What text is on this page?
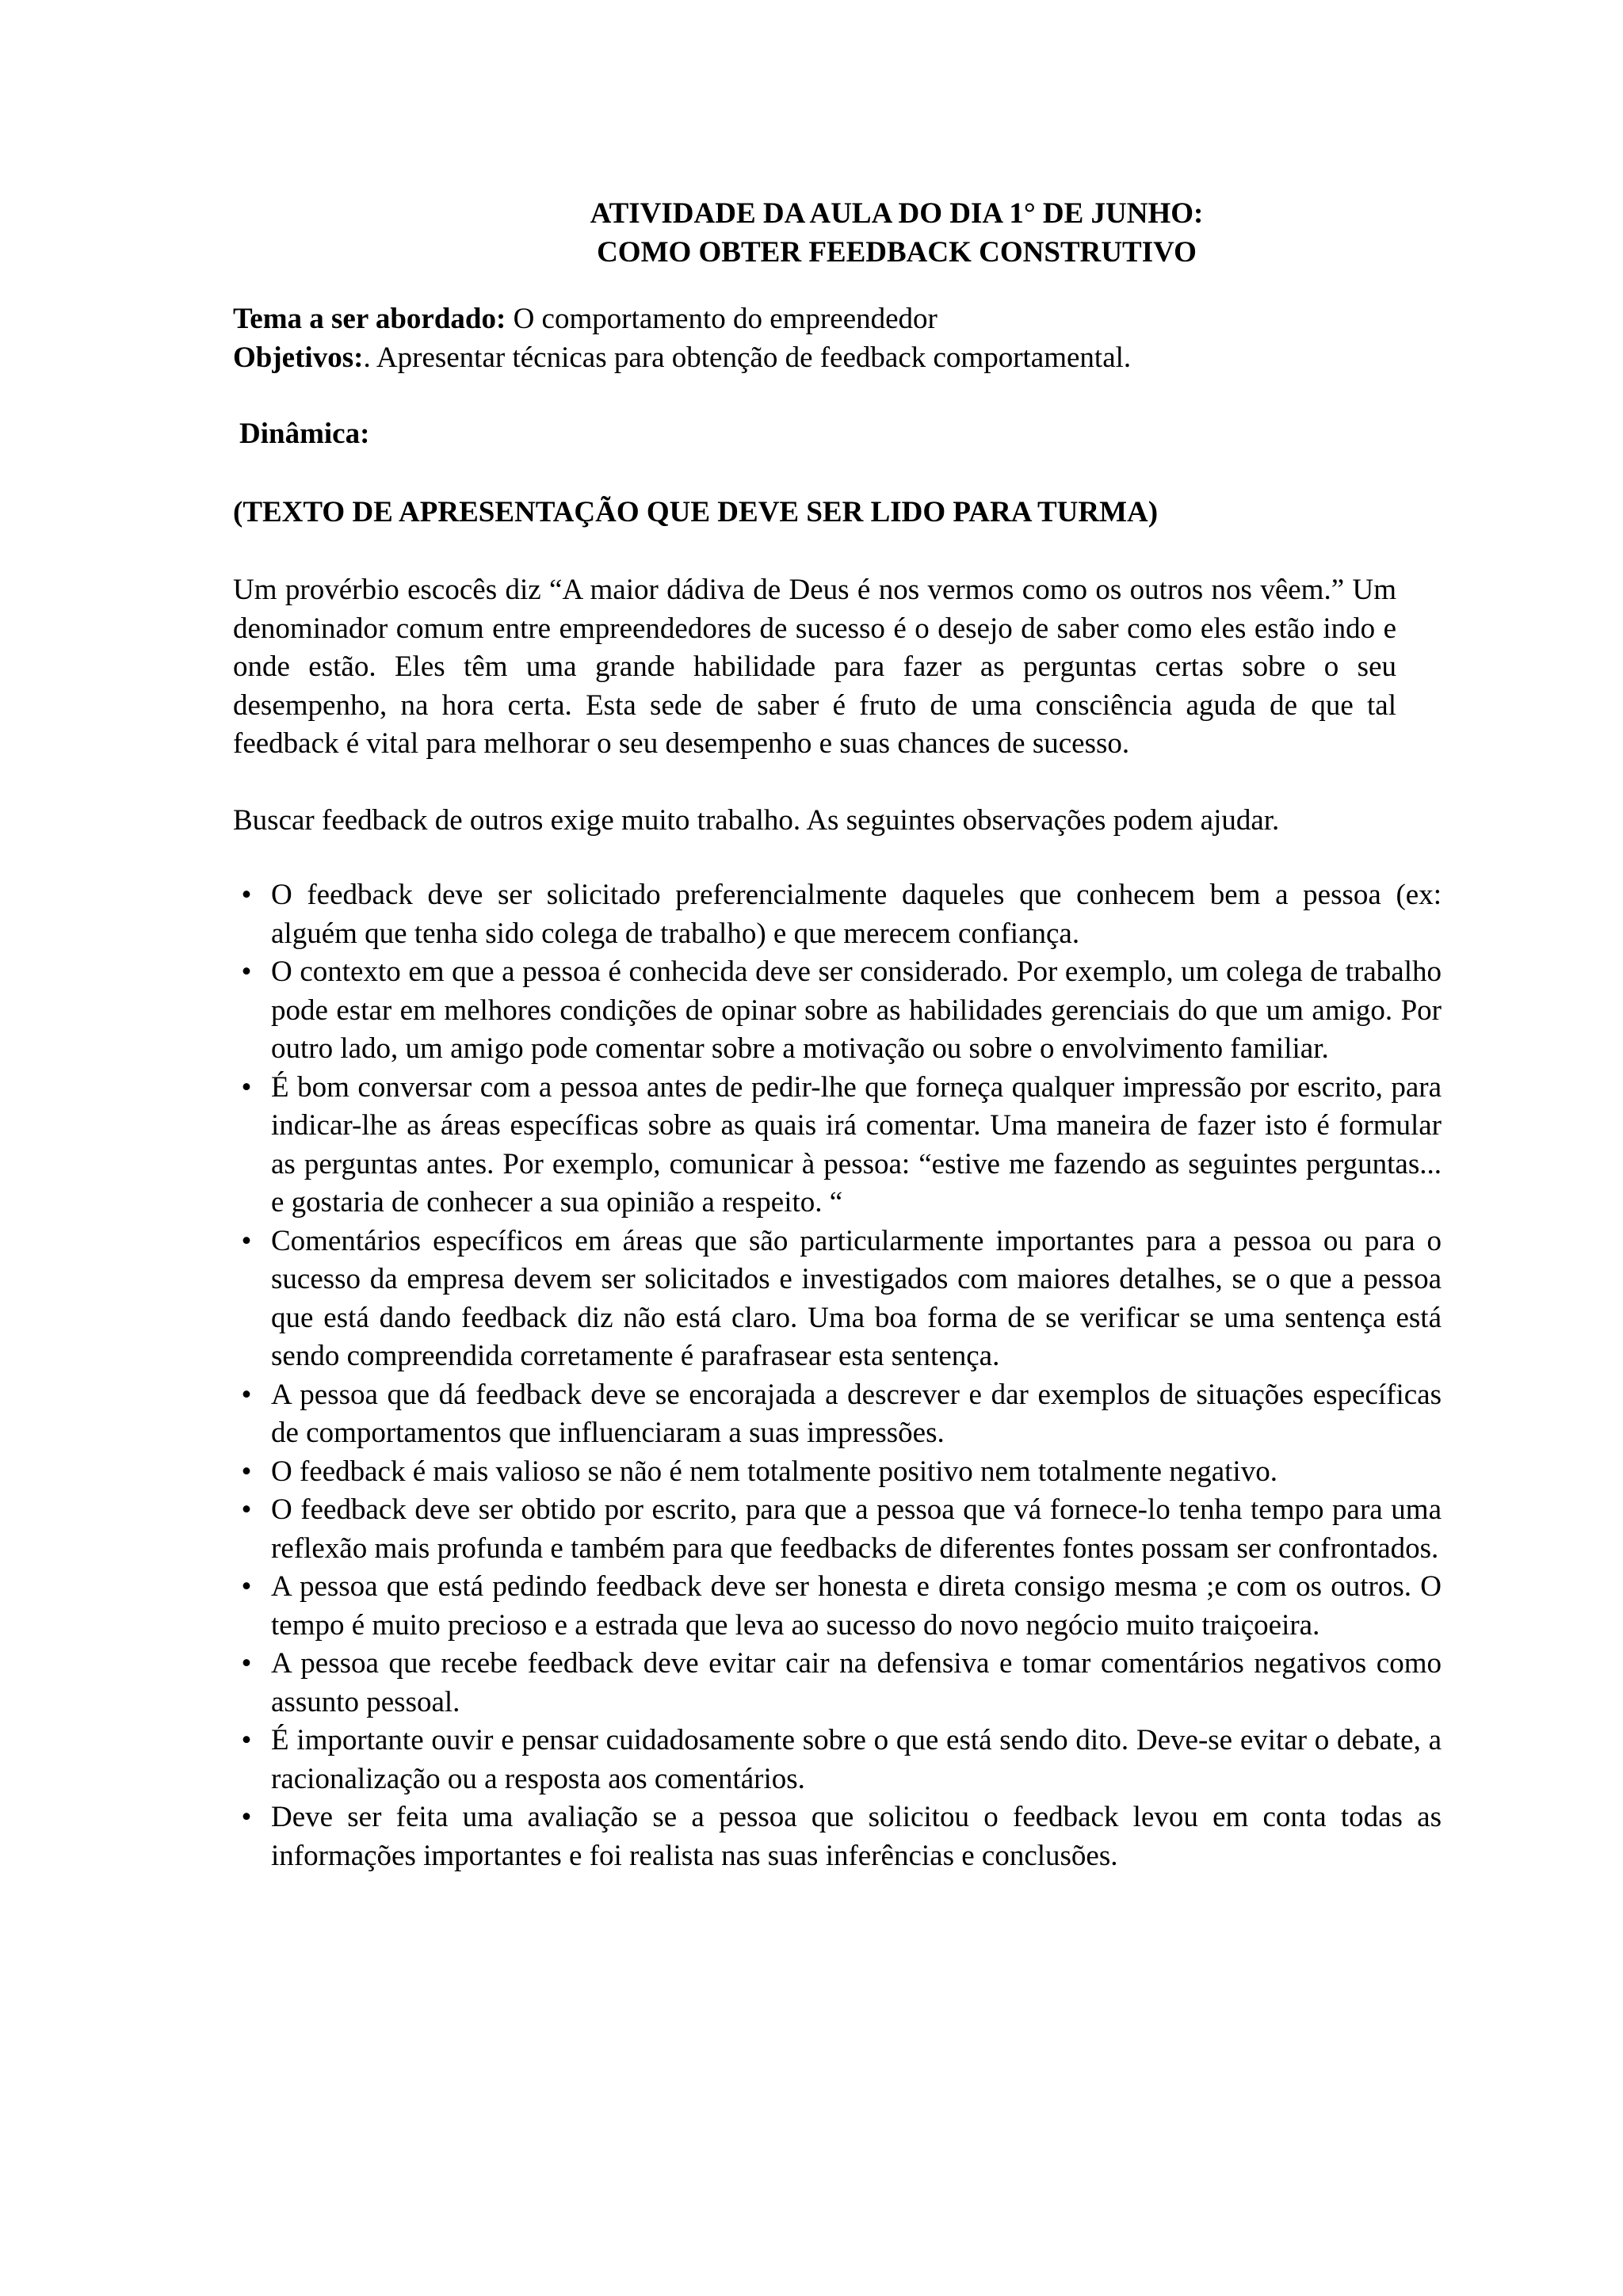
ATIVIDADE DA AULA DO DIA 1° DE JUNHO:
COMO OBTER FEEDBACK CONSTRUTIVO
Tema a ser abordado: O comportamento do empreendedor
Objetivos:. Apresentar técnicas para obtenção de feedback comportamental.
Dinâmica:
(TEXTO DE APRESENTAÇÃO QUE DEVE SER LIDO PARA TURMA)
Um provérbio escocês diz “A maior dádiva de Deus é nos vermos como os outros nos vêem.” Um denominador comum entre empreendedores de sucesso é o desejo de saber como eles estão indo e onde estão. Eles têm uma grande habilidade para fazer as perguntas certas sobre o seu desempenho, na hora certa. Esta sede de saber é fruto de uma consciência aguda de que tal feedback é vital para melhorar o seu desempenho e suas chances de sucesso.
Buscar feedback de outros exige muito trabalho. As seguintes observações podem ajudar.
• O feedback deve ser solicitado preferencialmente daqueles que conhecem bem a pessoa (ex: alguém que tenha sido colega de trabalho) e que merecem confiança.
• O contexto em que a pessoa é conhecida deve ser considerado. Por exemplo, um colega de trabalho pode estar em melhores condições de opinar sobre as habilidades gerenciais do que um amigo. Por outro lado, um amigo pode comentar sobre a motivação ou sobre o envolvimento familiar.
• É bom conversar com a pessoa antes de pedir-lhe que forneça qualquer impressão por escrito, para indicar-lhe as áreas específicas sobre as quais irá comentar. Uma maneira de fazer isto é formular as perguntas antes. Por exemplo, comunicar à pessoa: “estive me fazendo as seguintes perguntas... e gostaria de conhecer a sua opinião a respeito. “
• Comentários específicos em áreas que são particularmente importantes para a pessoa ou para o sucesso da empresa devem ser solicitados e investigados com maiores detalhes, se o que a pessoa que está dando feedback diz não está claro. Uma boa forma de se verificar se uma sentença está sendo compreendida corretamente é parafrasear esta sentença.
• A pessoa que dá feedback deve se encorajada a descrever e dar exemplos de situações específicas de comportamentos que influenciaram a suas impressões.
• O feedback é mais valioso se não é nem totalmente positivo nem totalmente negativo.
• O feedback deve ser obtido por escrito, para que a pessoa que vá fornece-lo tenha tempo para uma reflexão mais profunda e também para que feedbacks de diferentes fontes possam ser confrontados.
• A pessoa que está pedindo feedback deve ser honesta e direta consigo mesma ;e com os outros. O tempo é muito precioso e a estrada que leva ao sucesso do novo negócio muito traiçoeira.
• A pessoa que recebe feedback deve evitar cair na defensiva e tomar comentários negativos como assunto pessoal.
• É importante ouvir e pensar cuidadosamente sobre o que está sendo dito. Deve-se evitar o debate, a racionalização ou a resposta aos comentários.
• Deve ser feita uma avaliação se a pessoa que solicitou o feedback levou em conta todas as informações importantes e foi realista nas suas inferências e conclusões.
